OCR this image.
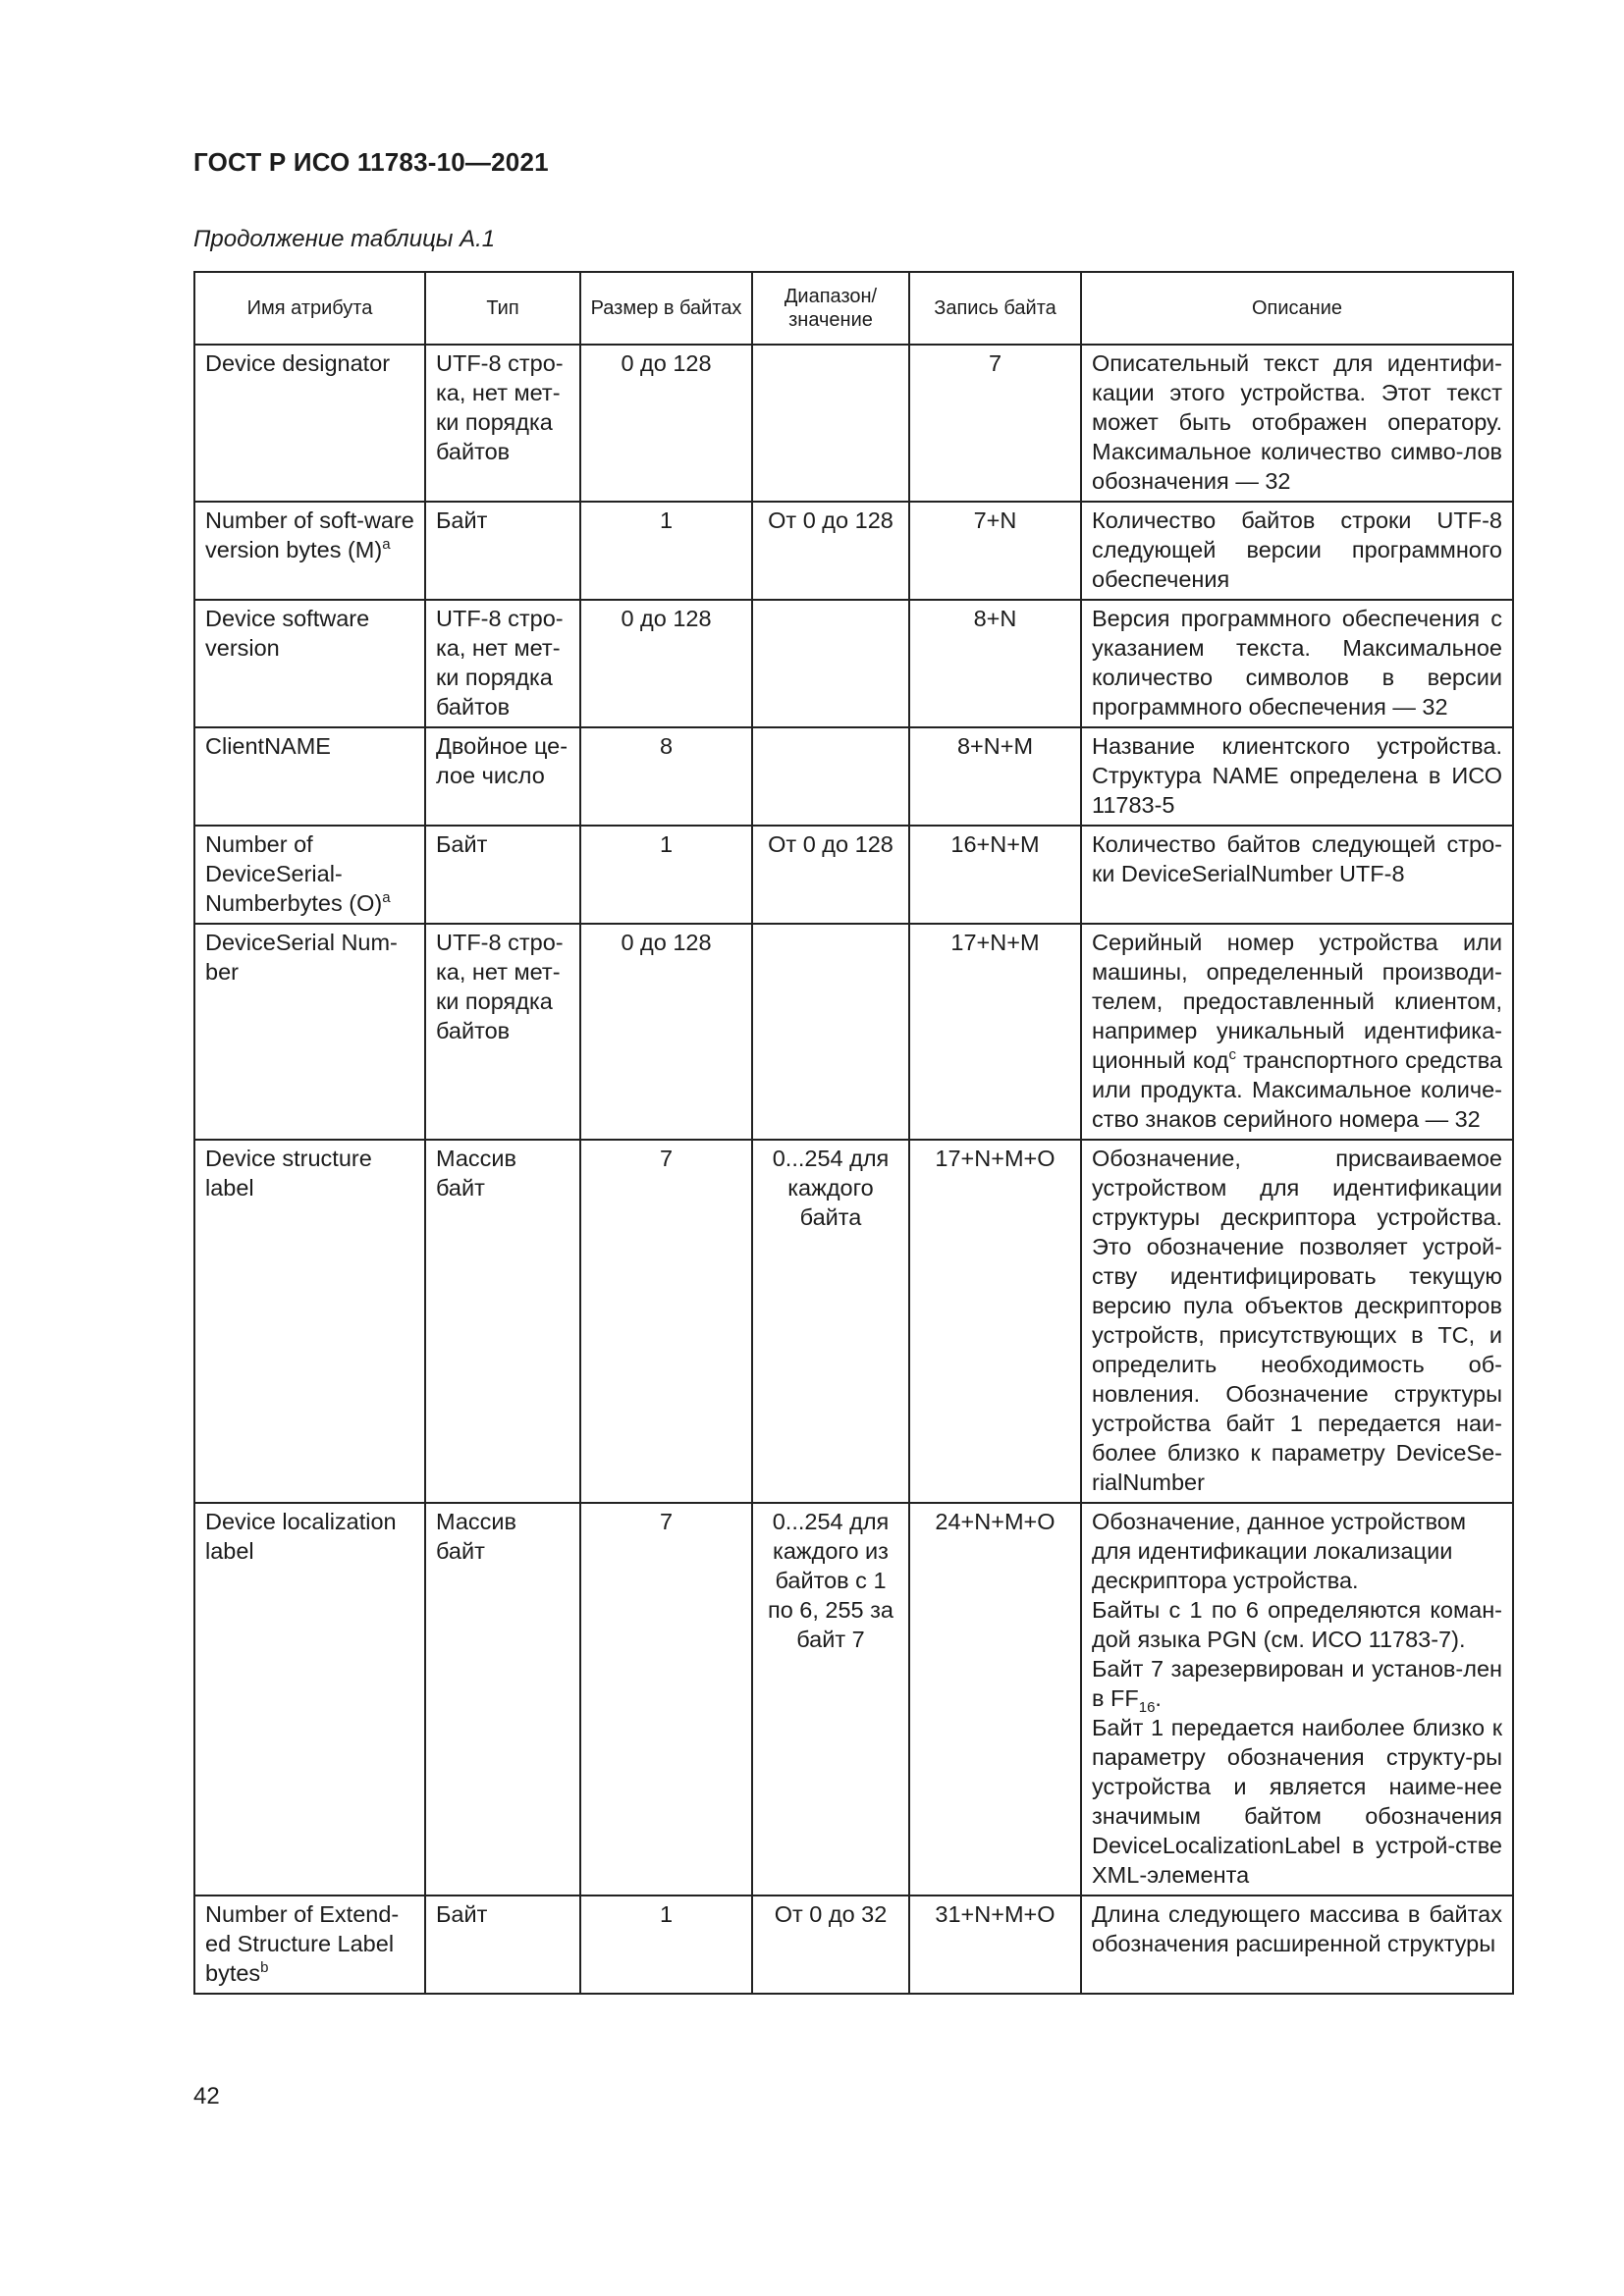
ГОСТ Р ИСО 11783-10—2021
Продолжение таблицы А.1
Имя атрибута	Тип	Размер в байтах	Диапазон/ значение	Запись байта	Описание
Device designator	UTF-8 стро-ка, нет мет-ки порядка байтов	0 до 128		7	Описательный текст для идентифи-кации этого устройства. Этот текст может быть отображен оператору. Максимальное количество симво-лов обозначения — 32
Number of soft-ware version bytes $(M)^a$	Байт	1	От 0 до 128	7+N	Количество байтов строки UTF-8 следующей версии программного обеспечения
Device software version	UTF-8 стро-ка, нет мет-ки порядка байтов	0 до 128		8+N	Версия программного обеспечения с указанием текста. Максимальное количество символов в версии программного обеспечения — 32
ClientNAME	Двойное це-лое число	8		8+N+M	Название клиентского устройства. Структура NAME определена в ИСО 11783-5
Number of DeviceSerial-Numberbytes $(O)^a$	Байт	1	От 0 до 128	16+N+M	Количество байтов следующей стро-ки DeviceSerialNumber UTF-8
DeviceSerial Num-ber	UTF-8 стро-ка, нет мет-ки порядка байтов	0 до 128		17+N+M	Серийный номер устройства или машины, определенный производи-телем, предоставленный клиентом, например уникальный идентифика-ционный код$^c$ транспортного средства или продукта. Максимальное количе-ство знаков серийного номера — 32
Device structure label	Массив байт	7	0...254 для каждого байта	17+N+M+O	Обозначение, присваиваемое устройством для идентификации структуры дескриптора устройства. Это обозначение позволяет устрой-ству идентифицировать текущую версию пула объектов дескрипторов устройств, присутствующих в ТС, и определить необходимость об-новления. Обозначение структуры устройства байт 1 передается наи-более близко к параметру DeviceSe-rialNumber
Device localization label	Массив байт	7	0...254 для каждого из байтов с 1 по 6, 255 за байт 7	24+N+M+O	Обозначение, данное устройством для идентификации локализации дескриптора устройства.
Байты с 1 по 6 определяются коман-дой языка PGN (см. ИСО 11783-7).
Байт 7 зарезервирован и установ-лен в $FF_{16}$.
Байт 1 передается наиболее близко к параметру обозначения структу-ры устройства и является наиме-нее значимым байтом обозначения DeviceLocalizationLabel в устрой-стве XML-элемента

Number of Extend-ed Structure Label bytes$^b$	Байт	1	От 0 до 32	31+N+M+O	Длина следующего массива в байтах обозначения расширенной структуры
42
